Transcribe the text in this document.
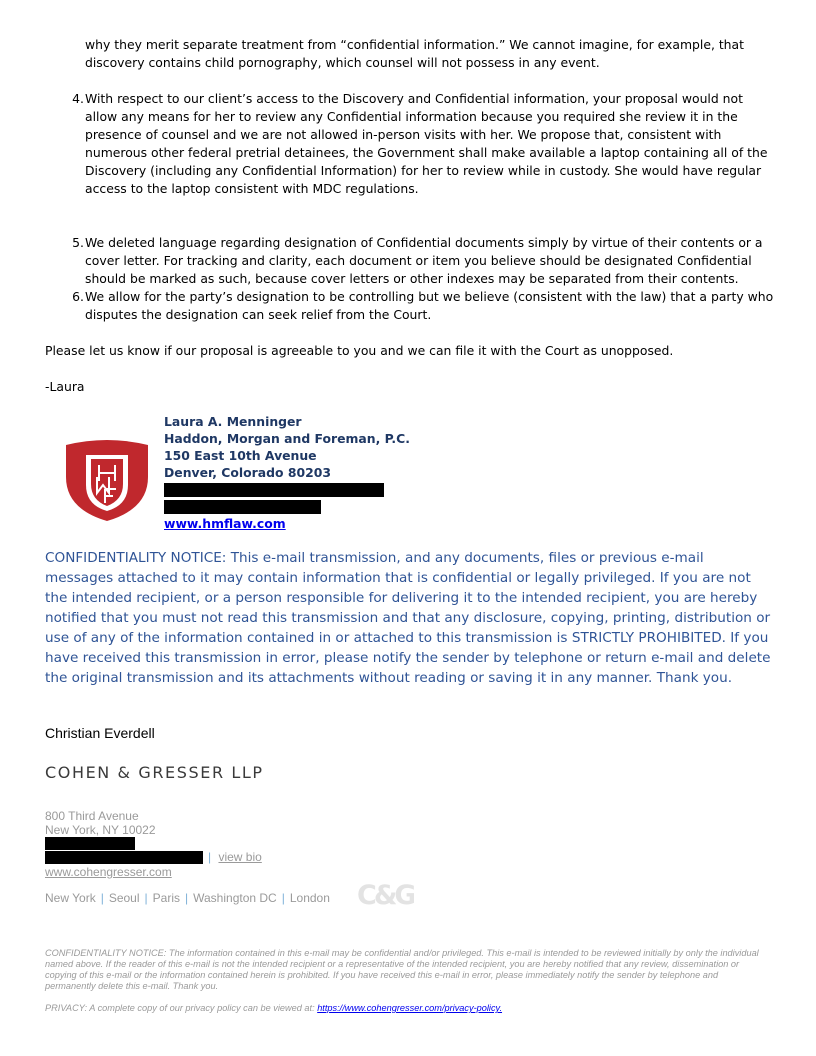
why they merit separate treatment from “confidential information.” We cannot imagine, for example, that discovery contains child pornography, which counsel will not possess in any event.
4. With respect to our client’s access to the Discovery and Confidential information, your proposal would not allow any means for her to review any Confidential information because you required she review it in the presence of counsel and we are not allowed in-person visits with her. We propose that, consistent with numerous other federal pretrial detainees, the Government shall make available a laptop containing all of the Discovery (including any Confidential Information) for her to review while in custody. She would have regular access to the laptop consistent with MDC regulations.
5. We deleted language regarding designation of Confidential documents simply by virtue of their contents or a cover letter. For tracking and clarity, each document or item you believe should be designated Confidential should be marked as such, because cover letters or other indexes may be separated from their contents.
6. We allow for the party’s designation to be controlling but we believe (consistent with the law) that a party who disputes the designation can seek relief from the Court.
Please let us know if our proposal is agreeable to you and we can file it with the Court as unopposed.
-Laura
Laura A. Menninger
Haddon, Morgan and Foreman, P.C.
150 East 10th Avenue
Denver, Colorado 80203
www.hmflaw.com
CONFIDENTIALITY NOTICE: This e-mail transmission, and any documents, files or previous e-mail messages attached to it may contain information that is confidential or legally privileged. If you are not the intended recipient, or a person responsible for delivering it to the intended recipient, you are hereby notified that you must not read this transmission and that any disclosure, copying, printing, distribution or use of any of the information contained in or attached to this transmission is STRICTLY PROHIBITED. If you have received this transmission in error, please notify the sender by telephone or return e-mail and delete the original transmission and its attachments without reading or saving it in any manner. Thank you.
Christian Everdell
COHEN & GRESSER LLP
800 Third Avenue
New York, NY 10022
| view bio
www.cohengresser.com
New York | Seoul | Paris | Washington DC | London C&G
CONFIDENTIALITY NOTICE: The information contained in this e-mail may be confidential and/or privileged. This e-mail is intended to be reviewed initially by only the individual named above. If the reader of this e-mail is not the intended recipient or a representative of the intended recipient, you are hereby notified that any review, dissemination or copying of this e-mail or the information contained herein is prohibited. If you have received this e-mail in error, please immediately notify the sender by telephone and permanently delete this e-mail. Thank you.
PRIVACY: A complete copy of our privacy policy can be viewed at: https://www.cohengresser.com/privacy-policy.
